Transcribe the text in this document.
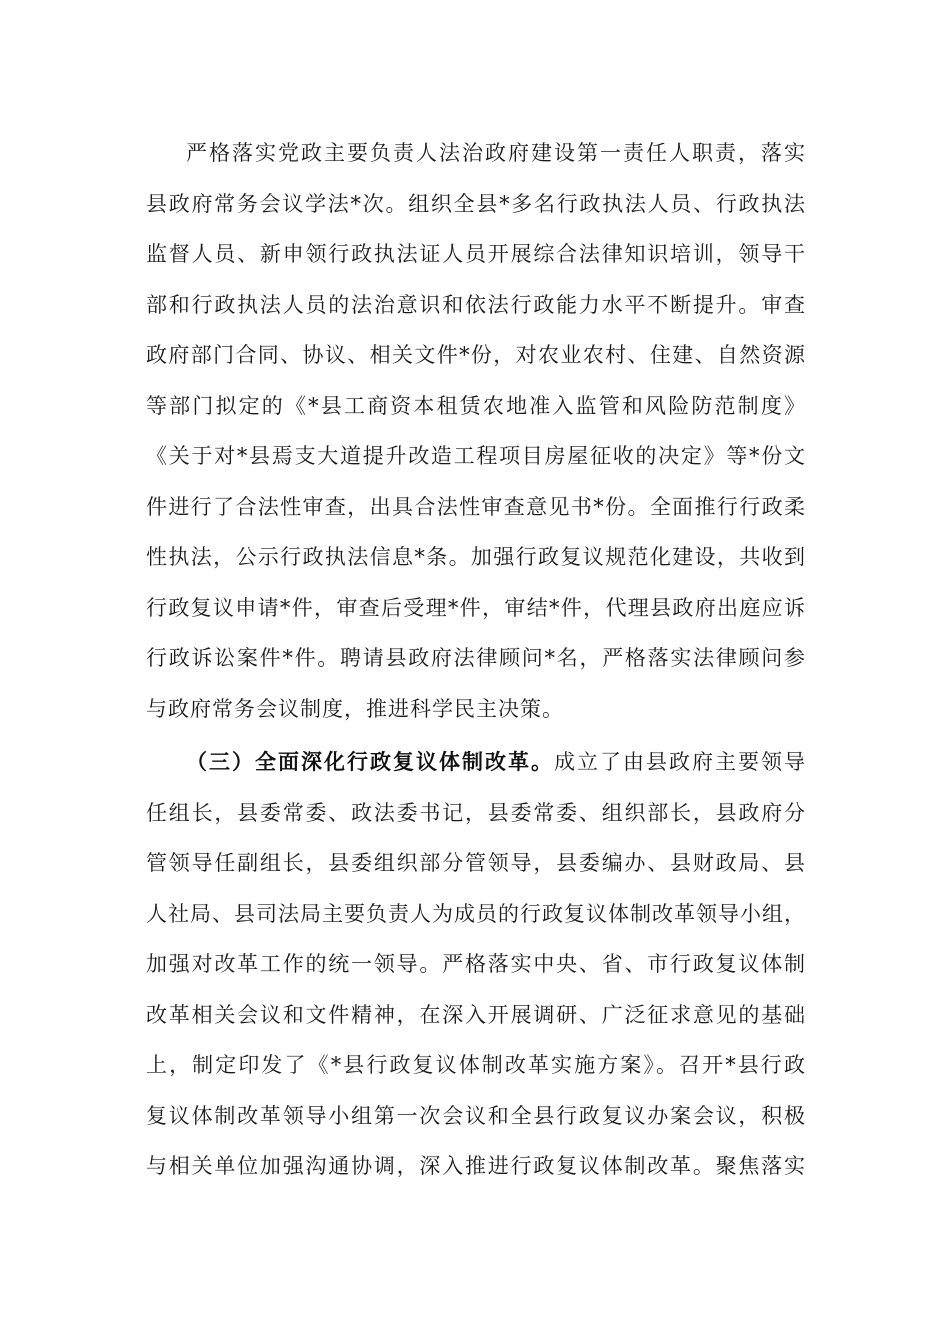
严格落实党政主要负责人法治政府建设第一责任人职责，落实
县政府常务会议学法*次。组织全县*多名行政执法人员、行政执法
监督人员、新申领行政执法证人员开展综合法律知识培训，领导干
部和行政执法人员的法治意识和依法行政能力水平不断提升。审查
政府部门合同、协议、相关文件*份，对农业农村、住建、自然资源
等部门拟定的《*县工商资本租赁农地准入监管和风险防范制度》
《关于对*县焉支大道提升改造工程项目房屋征收的决定》等*份文
件进行了合法性审查，出具合法性审查意见书*份。全面推行行政柔
性执法，公示行政执法信息*条。加强行政复议规范化建设，共收到
行政复议申请*件，审查后受理*件，审结*件，代理县政府出庭应诉
行政诉讼案件*件。聘请县政府法律顾问*名，严格落实法律顾问参
与政府常务会议制度，推进科学民主决策。
（三）全面深化行政复议体制改革。成立了由县政府主要领导
任组长，县委常委、政法委书记，县委常委、组织部长，县政府分
管领导任副组长，县委组织部分管领导，县委编办、县财政局、县
人社局、县司法局主要负责人为成员的行政复议体制改革领导小组，
加强对改革工作的统一领导。严格落实中央、省、市行政复议体制
改革相关会议和文件精神，在深入开展调研、广泛征求意见的基础
上，制定印发了《*县行政复议体制改革实施方案》。召开*县行政
复议体制改革领导小组第一次会议和全县行政复议办案会议，积极
与相关单位加强沟通协调，深入推进行政复议体制改革。聚焦落实
